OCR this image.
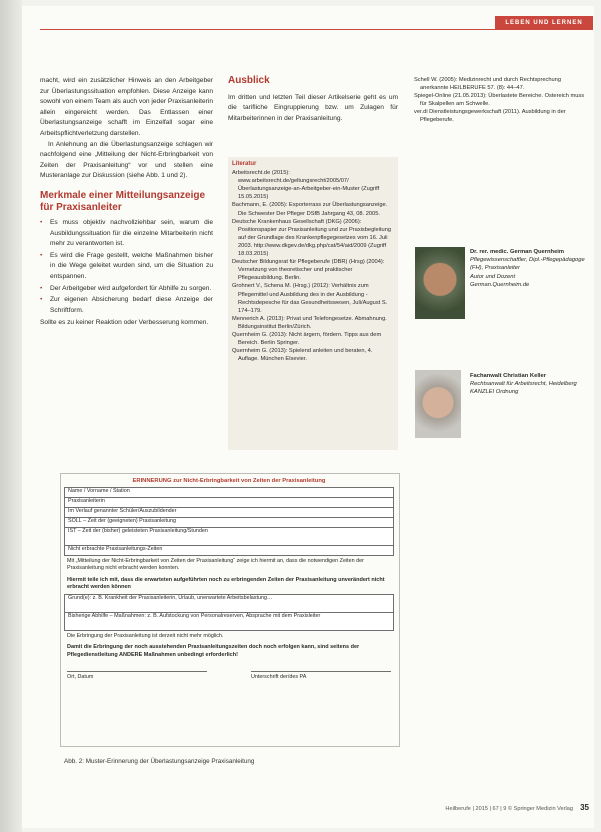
LEBEN UND LERNEN

macht, wird ein zusätzlicher Hinweis an den Arbeitgeber zur Überlastungssituation empfohlen. Diese Anzeige kann sowohl von einem Team als auch von jeder Praxisanleiterin allein eingereicht werden. Das Entlassen einer Überlastungsanzeige schafft im Einzelfall sogar eine Arbeitspflichtverletzung darstellen.

In Anlehnung an die Überlastungsanzeige schlagen wir nachfolgend eine „Mitteilung der Nicht-Erbringbarkeit von Zeiten der Praxisanleitung“ vor und stellen eine Musteranlage zur Diskussion (siehe Abb. 1 und 2).

Merkmale einer Mitteilungsanzeige für Praxisanleiter
• Es muss objektiv nachvollziehbar sein, warum die Ausbildungssituation für die einzelne Mitarbeiterin nicht mehr zu verantworten ist.
• Es wird die Frage gestellt, welche Maßnahmen bisher in die Wege geleitet wurden sind, um die Situation zu entspannen.
• Der Arbeitgeber wird aufgefordert für Abhilfe zu sorgen.
• Zur eigenen Absicherung bedarf diese Anzeige der Schriftform.

Sollte es zu keiner Reaktion oder Verbesserung kommen.

Ausblick

Im dritten und letzten Teil dieser Artikelserie geht es um die tarifliche Eingruppierung bzw. um Zulagen für Mitarbeiterinnen in der Praxisanleitung.

Literatur
Arbeitsrecht.de (2015): www.arbeitsrecht.de/geltungsrecht/2005/07/ Überlastungsanzeige-an-Arbeitgeber-ein-Muster (Zugriff 15.05.2015)
Bachmann, E. (2005): Exporterrass zur Überlastungsanzeige. Die Schwester Der Pfleger DSfB Jahrgang 43, 08. 2005.
Deutsche Krankenhaus Gesellschaft (DKG) (2006): Positionspapier zur Praxisanleitung und zur Praxisbegleitung auf der Grundlage des Krankenpflegegesetzes vom 16. Juli 2003. http://www.dkgev.de/dkg.php/cat/54/aid/2009 (Zugriff 18.03.2015)
Deutscher Bildungsrat für Pflegeberufe (DBR) (Hrsg) (2004): Vernetzung von theoretischer und praktischer Pflegeausbildung. Berlin.
Grohnert V., Schena M. (Hrsg.) (2012): Verhältnis zum Pflegemittel und Ausbildung des in der Ausbildung - Rechtsdepesche für das Gesundheitswesen, Juli/August S. 174–179.
Mennerich A. (2013): Privat und Telefongesetze. Abmahnung. Bildungsinstitut Berlin/Zürich.
Quernheim G. (2013): Nicht ärgern, fördern. Tipps aus dem Bereich. Berlin Springer.
Quernheim G. (2013): Spielend anleiten und beraten, 4. Auflage. München Elsevier.
Schell W. (2005): Medizinrecht und durch Rechtsprechung anerkannte HEILBERUFE 57. (8): 44–47.
Spiegel-Online (21.05.2013): Überlastete Bereiche. Ostereich muss für Skalpellen am Schwelle.
ver.di Dienstleistungsgewerkschaft (2011). Ausbildung in der Pflegeberufe.
Dr. rer. medic. German Quernheim
Pflegewissenschaftler, Dipl.-Pflegepädagoge (FH), Praxisanleiter
Autor und Dozent
German.Quernheim.de
Fachanwalt Christian Keller
Rechtsanwalt für Arbeitsrecht, Heidelberg
KANZLEI Ordnung
ERINNERUNG zur Nicht-Erbringbarkeit von Zeiten der Praxisanleitung
Name / Vorname / Station
Praxisanleiterin
Im Verlauf genannter Schüler/Auszubildender
SOLL – Zeit der (geeigneten) Praxisanleitung
IST – Zeit der (bisher) geleisteten Praxisanleitung/Stunden
Nicht erbrachte Praxisanleitungs-Zeiten
Mit „Mitteilung der Nicht-Erbringbarkeit von Zeiten der Praxisanleitung“ zeige ich hiermit an, dass die notwendigen Zeiten der Praxisanleitung nicht erbracht werden konnten.
Hiermit teile ich mit, dass die erwarteten aufgeführten noch zu erbringenden Zeiten der Praxisanleitung unverändert nicht erbracht werden können
Grund(e): z. B. Krankheit der Praxisanleiterin, Urlaub, unerwartete Arbeitsbelastung…
Bisherige Abhilfe – Maßnahmen: z. B. Aufstockung von Personalreserven, Absprache mit dem Praxisleiter
Die Erbringung der Praxisanleitung ist derzeit nicht mehr möglich.
Damit die Erbringung der noch ausstehenden Praxisanleitungszeiten doch noch erfolgen kann, sind seitens der Pflegedienstleitung ANDERE Maßnahmen unbedingt erforderlich!
Ort, Datum	Unterschrift der/des PA
Abb. 2: Muster-Erinnerung der Überlastungsanzeige Praxisanleitung
Heilberufe | 2015 | 67 | 9 © Springer Medizin Verlag 35
